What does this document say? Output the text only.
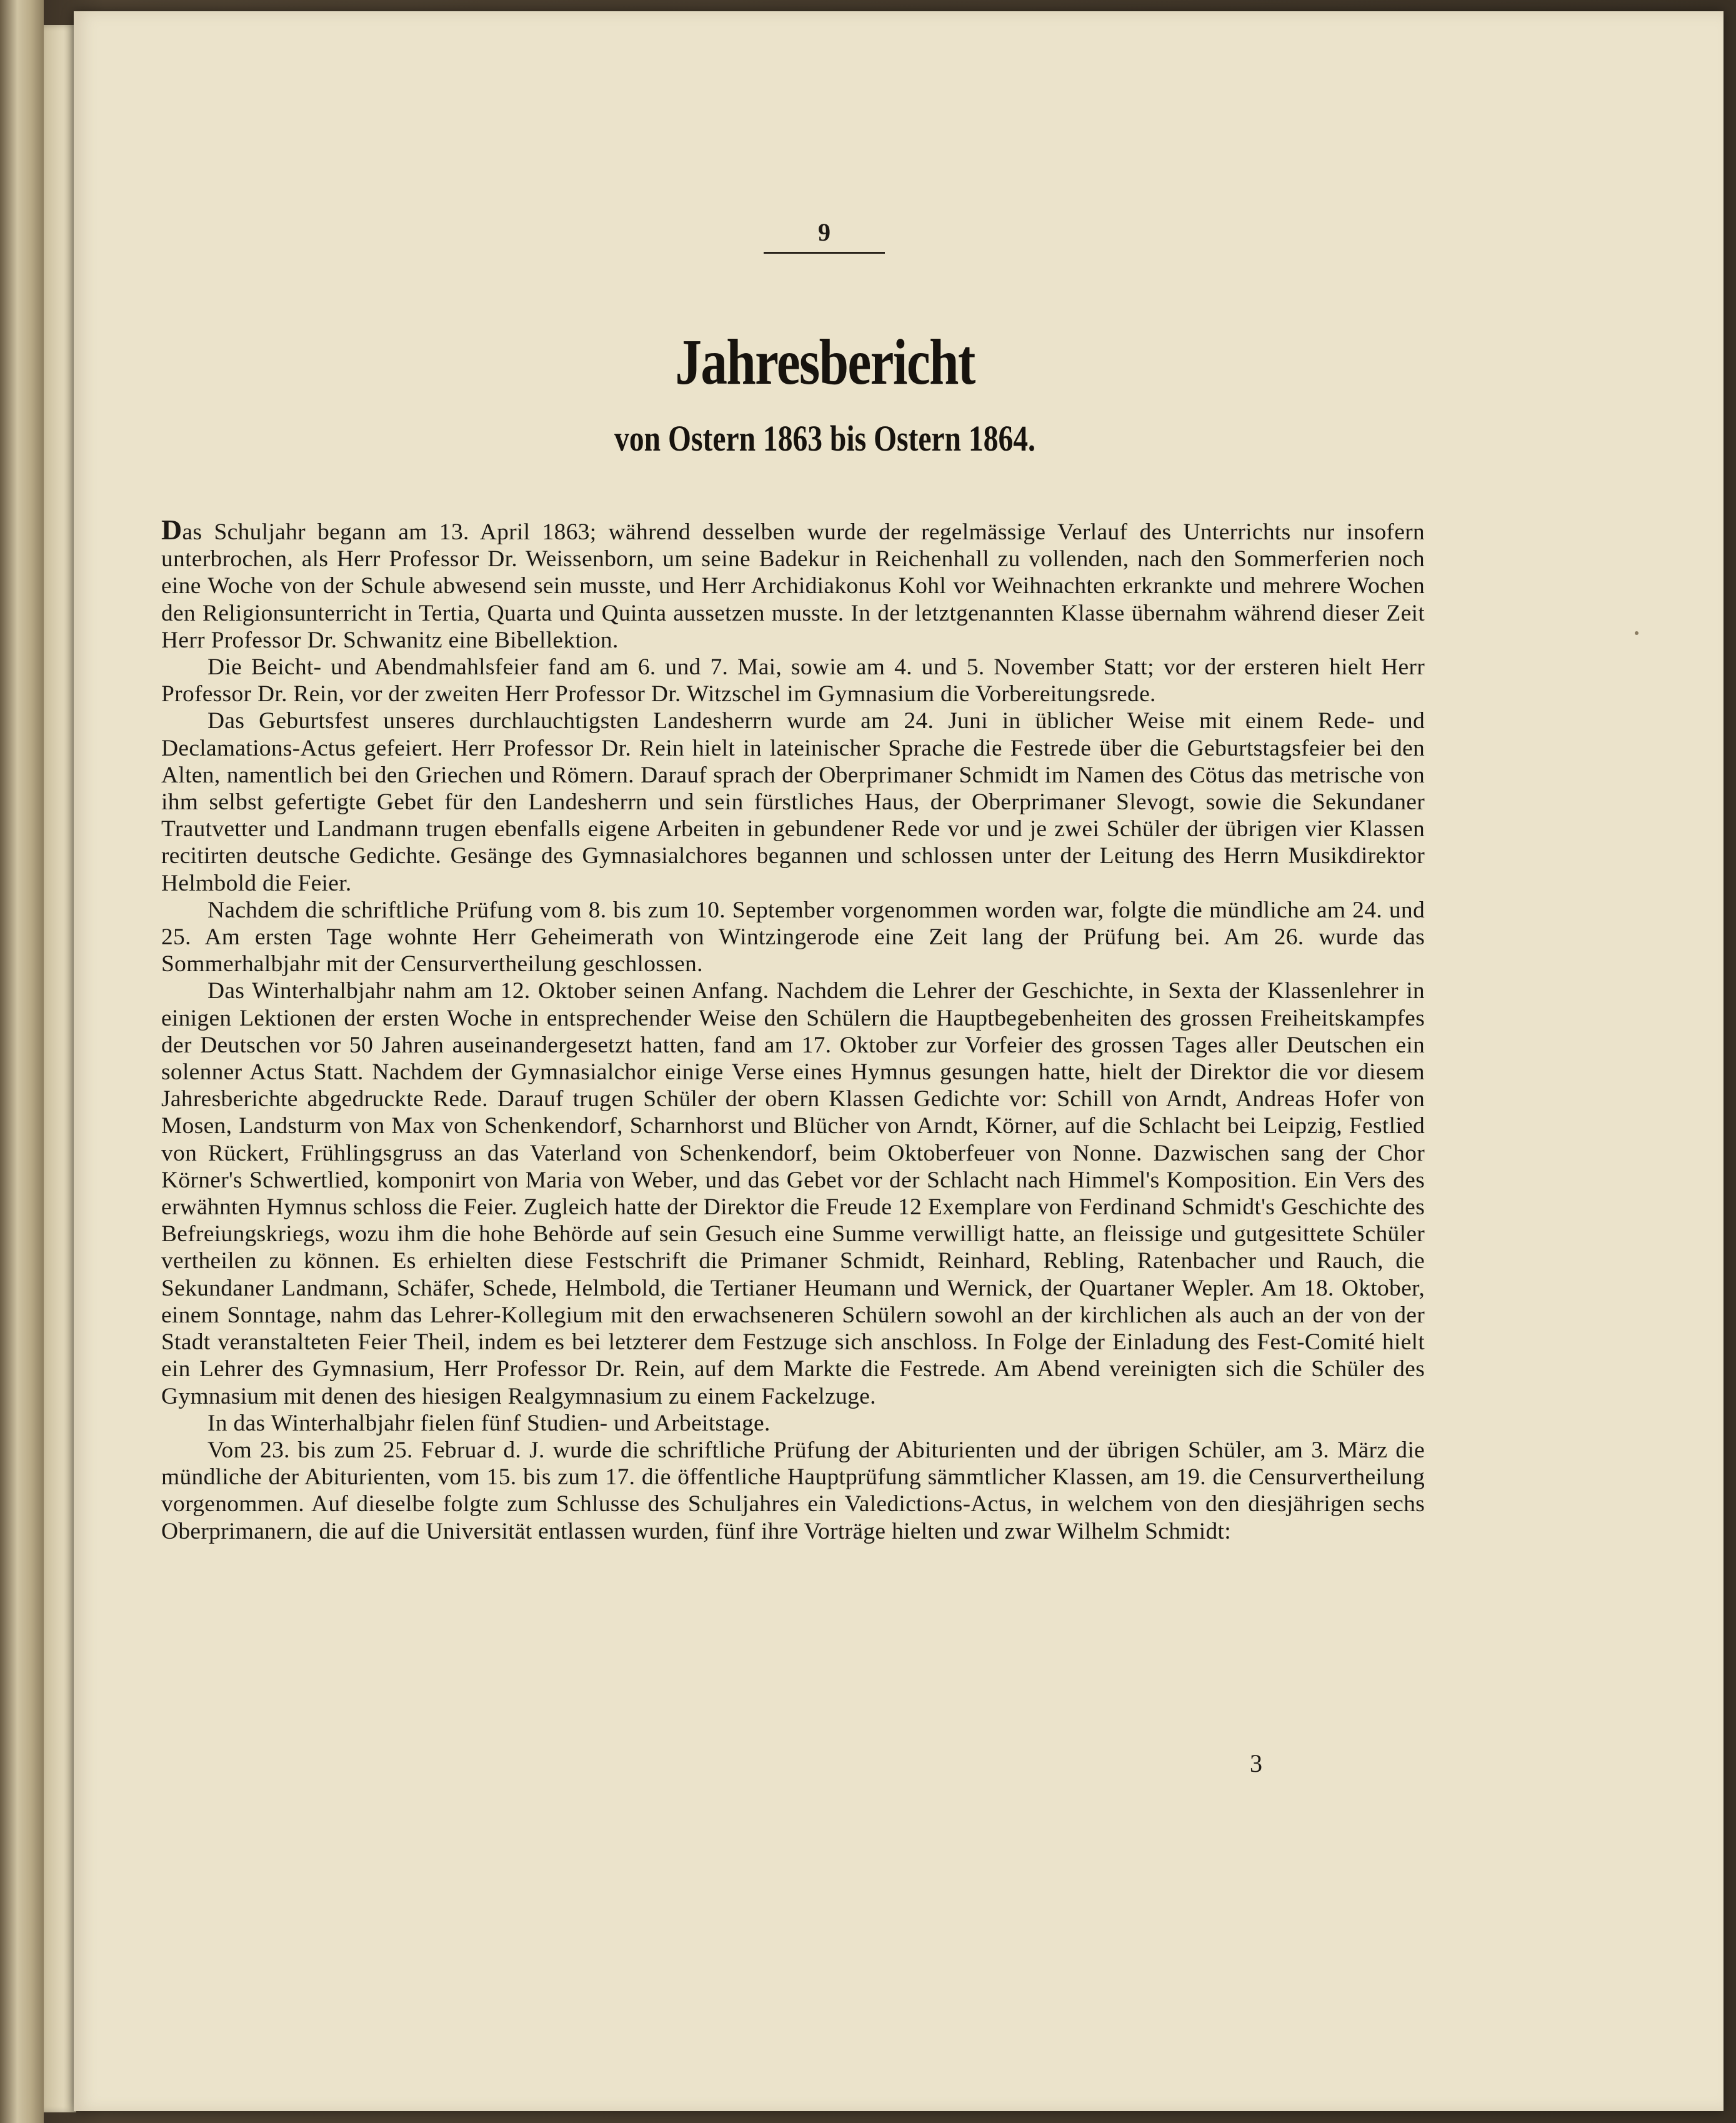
9
Jahresbericht
von Ostern 1863 bis Ostern 1864.

Das Schuljahr begann am 13. April 1863; während desselben wurde der regelmässige Verlauf des Unterrichts nur insofern unterbrochen, als Herr Professor Dr. Weissenborn, um seine Badekur in Reichenhall zu vollenden, nach den Sommerferien noch eine Woche von der Schule abwesend sein musste, und Herr Archidiakonus Kohl vor Weihnachten erkrankte und mehrere Wochen den Religionsunterricht in Tertia, Quarta und Quinta aussetzen musste. In der letztgenannten Klasse übernahm während dieser Zeit Herr Professor Dr. Schwanitz eine Bibellektion.

Die Beicht- und Abendmahlsfeier fand am 6. und 7. Mai, sowie am 4. und 5. November Statt; vor der ersteren hielt Herr Professor Dr. Rein, vor der zweiten Herr Professor Dr. Witzschel im Gymnasium die Vorbereitungsrede.

Das Geburtsfest unseres durchlauchtigsten Landesherrn wurde am 24. Juni in üblicher Weise mit einem Rede- und Declamations-Actus gefeiert. Herr Professor Dr. Rein hielt in lateinischer Sprache die Festrede über die Geburtstagsfeier bei den Alten, namentlich bei den Griechen und Römern. Darauf sprach der Oberprimaner Schmidt im Namen des Cötus das metrische von ihm selbst gefertigte Gebet für den Landesherrn und sein fürstliches Haus, der Oberprimaner Slevogt, sowie die Sekundaner Trautvetter und Landmann trugen ebenfalls eigene Arbeiten in gebundener Rede vor und je zwei Schüler der übrigen vier Klassen recitirten deutsche Gedichte. Gesänge des Gymnasialchores begannen und schlossen unter der Leitung des Herrn Musikdirektor Helmbold die Feier.

Nachdem die schriftliche Prüfung vom 8. bis zum 10. September vorgenommen worden war, folgte die mündliche am 24. und 25. Am ersten Tage wohnte Herr Geheimerath von Wintzingerode eine Zeit lang der Prüfung bei. Am 26. wurde das Sommerhalbjahr mit der Censurvertheilung geschlossen.

Das Winterhalbjahr nahm am 12. Oktober seinen Anfang. Nachdem die Lehrer der Geschichte, in Sexta der Klassenlehrer in einigen Lektionen der ersten Woche in entsprechender Weise den Schülern die Hauptbegebenheiten des grossen Freiheitskampfes der Deutschen vor 50 Jahren auseinandergesetzt hatten, fand am 17. Oktober zur Vorfeier des grossen Tages aller Deutschen ein solenner Actus Statt. Nachdem der Gymnasialchor einige Verse eines Hymnus gesungen hatte, hielt der Direktor die vor diesem Jahresberichte abgedruckte Rede. Darauf trugen Schüler der obern Klassen Gedichte vor: Schill von Arndt, Andreas Hofer von Mosen, Landsturm von Max von Schenkendorf, Scharnhorst und Blücher von Arndt, Körner, auf die Schlacht bei Leipzig, Festlied von Rückert, Frühlingsgruss an das Vaterland von Schenkendorf, beim Oktoberfeuer von Nonne. Dazwischen sang der Chor Körner's Schwertlied, komponirt von Maria von Weber, und das Gebet vor der Schlacht nach Himmel's Komposition. Ein Vers des erwähnten Hymnus schloss die Feier. Zugleich hatte der Direktor die Freude 12 Exemplare von Ferdinand Schmidt's Geschichte des Befreiungskriegs, wozu ihm die hohe Behörde auf sein Gesuch eine Summe verwilligt hatte, an fleissige und gutgesittete Schüler vertheilen zu können. Es erhielten diese Festschrift die Primaner Schmidt, Reinhard, Rebling, Ratenbacher und Rauch, die Sekundaner Landmann, Schäfer, Schede, Helmbold, die Tertianer Heumann und Wernick, der Quartaner Wepler. Am 18. Oktober, einem Sonntage, nahm das Lehrer-Kollegium mit den erwachseneren Schülern sowohl an der kirchlichen als auch an der von der Stadt veranstalteten Feier Theil, indem es bei letzterer dem Festzuge sich anschloss. In Folge der Einladung des Fest-Comité hielt ein Lehrer des Gymnasium, Herr Professor Dr. Rein, auf dem Markte die Festrede. Am Abend vereinigten sich die Schüler des Gymnasium mit denen des hiesigen Realgymnasium zu einem Fackelzuge.

In das Winterhalbjahr fielen fünf Studien- und Arbeitstage.

Vom 23. bis zum 25. Februar d. J. wurde die schriftliche Prüfung der Abiturienten und der übrigen Schüler, am 3. März die mündliche der Abiturienten, vom 15. bis zum 17. die öffentliche Hauptprüfung sämmtlicher Klassen, am 19. die Censurvertheilung vorgenommen. Auf dieselbe folgte zum Schlusse des Schuljahres ein Valedictions-Actus, in welchem von den diesjährigen sechs Oberprimanern, die auf die Universität entlassen wurden, fünf ihre Vorträge hielten und zwar Wilhelm Schmidt:

3
